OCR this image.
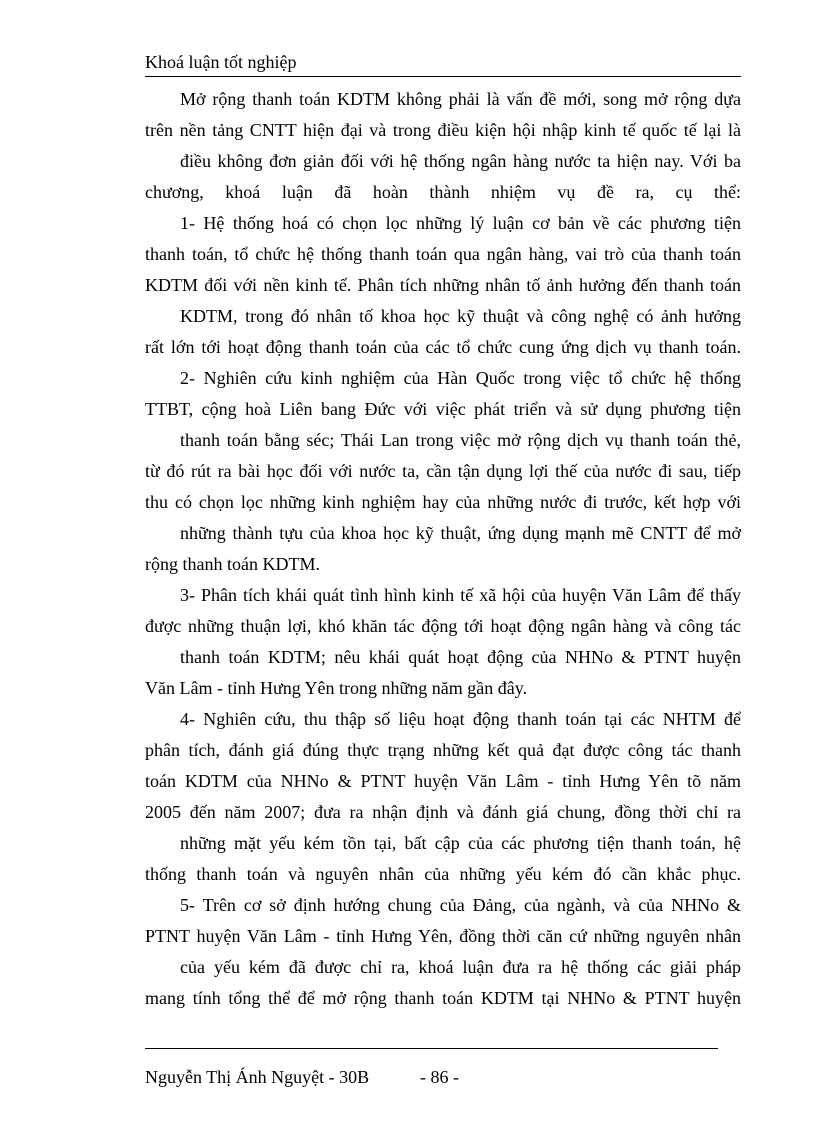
Khoá luận tốt nghiệp
Mở rộng thanh toán KDTM không phải là vấn đề mới, song mở rộng dựa
trên nền tảng CNTT hiện đại và trong điều kiện hội nhập kinh tế quốc tế lại là
điều không đơn giản đối với hệ thống ngân hàng nước ta hiện nay. Với ba
chương, khoá luận đã hoàn thành nhiệm vụ đề ra, cụ thể:
1- Hệ thống hoá có chọn lọc những lý luận cơ bản về các phương tiện
thanh toán, tổ chức hệ thống thanh toán qua ngân hàng, vai trò của thanh toán
KDTM đối với nền kinh tế. Phân tích những nhân tố ảnh hưởng đến thanh toán
KDTM, trong đó nhân tố khoa học kỹ thuật và công nghệ có ảnh hưởng
rất lớn tới hoạt động thanh toán của các tổ chức cung ứng dịch vụ thanh toán.
2- Nghiên cứu kinh nghiệm của Hàn Quốc trong việc tổ chức hệ thống
TTBT, cộng hoà Liên bang Đức với việc phát triển và sử dụng phương tiện
thanh toán bằng séc; Thái Lan trong việc mở rộng dịch vụ thanh toán thẻ,
từ đó rút ra bài học đối với nước ta, cần tận dụng lợi thế của nước đi sau, tiếp
thu có chọn lọc những kinh nghiệm hay của những nước đi trước, kết hợp với
những thành tựu của khoa học kỹ thuật, ứng dụng mạnh mẽ CNTT để mở
rộng thanh toán KDTM.
3- Phân tích khái quát tình hình kinh tế xã hội của huyện Văn Lâm để thấy
được những thuận lợi, khó khăn tác động tới hoạt động ngân hàng và công tác
thanh toán KDTM; nêu khái quát hoạt động của NHNo & PTNT huyện
Văn Lâm - tỉnh Hưng Yên trong những năm gần đây.
4- Nghiên cứu, thu thập số liệu hoạt động thanh toán tại các NHTM để
phân tích, đánh giá đúng thực trạng những kết quả đạt được công tác thanh
toán KDTM của NHNo & PTNT huyện Văn Lâm - tỉnh Hưng Yên tõ năm
2005 đến năm 2007; đưa ra nhận định và đánh giá chung, đồng thời chỉ ra
những mặt yếu kém tồn tại, bất cập của các phương tiện thanh toán, hệ
thống thanh toán và nguyên nhân của những yếu kém đó cần khắc phục.
5- Trên cơ sở định hướng chung của Đảng, của ngành, và của NHNo &
PTNT huyện Văn Lâm - tỉnh Hưng Yên, đồng thời căn cứ những nguyên nhân
của yếu kém đã được chỉ ra, khoá luận đưa ra hệ thống các giải pháp
mang tính tổng thể để mở rộng thanh toán KDTM tại NHNo & PTNT huyện
Nguyễn Thị Ánh Nguyệt - 30B	- 86 -
